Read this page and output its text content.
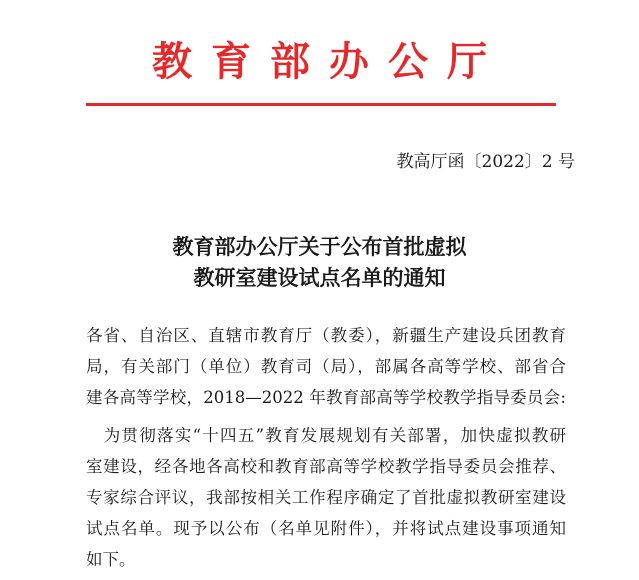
教育部办公厅
教高厅函〔2022〕2 号
教育部办公厅关于公布首批虚拟
教研室建设试点名单的通知
各省、自治区、直辖市教育厅（教委），新疆生产建设兵团教育
局，有关部门（单位）教育司（局），部属各高等学校、部省合
建各高等学校，2018—2022 年教育部高等学校教学指导委员会:
　为贯彻落实“十四五”教育发展规划有关部署，加快虚拟教研
室建设，经各地各高校和教育部高等学校教学指导委员会推荐、
专家综合评议，我部按相关工作程序确定了首批虚拟教研室建设
试点名单。现予以公布（名单见附件），并将试点建设事项通知
如下。
